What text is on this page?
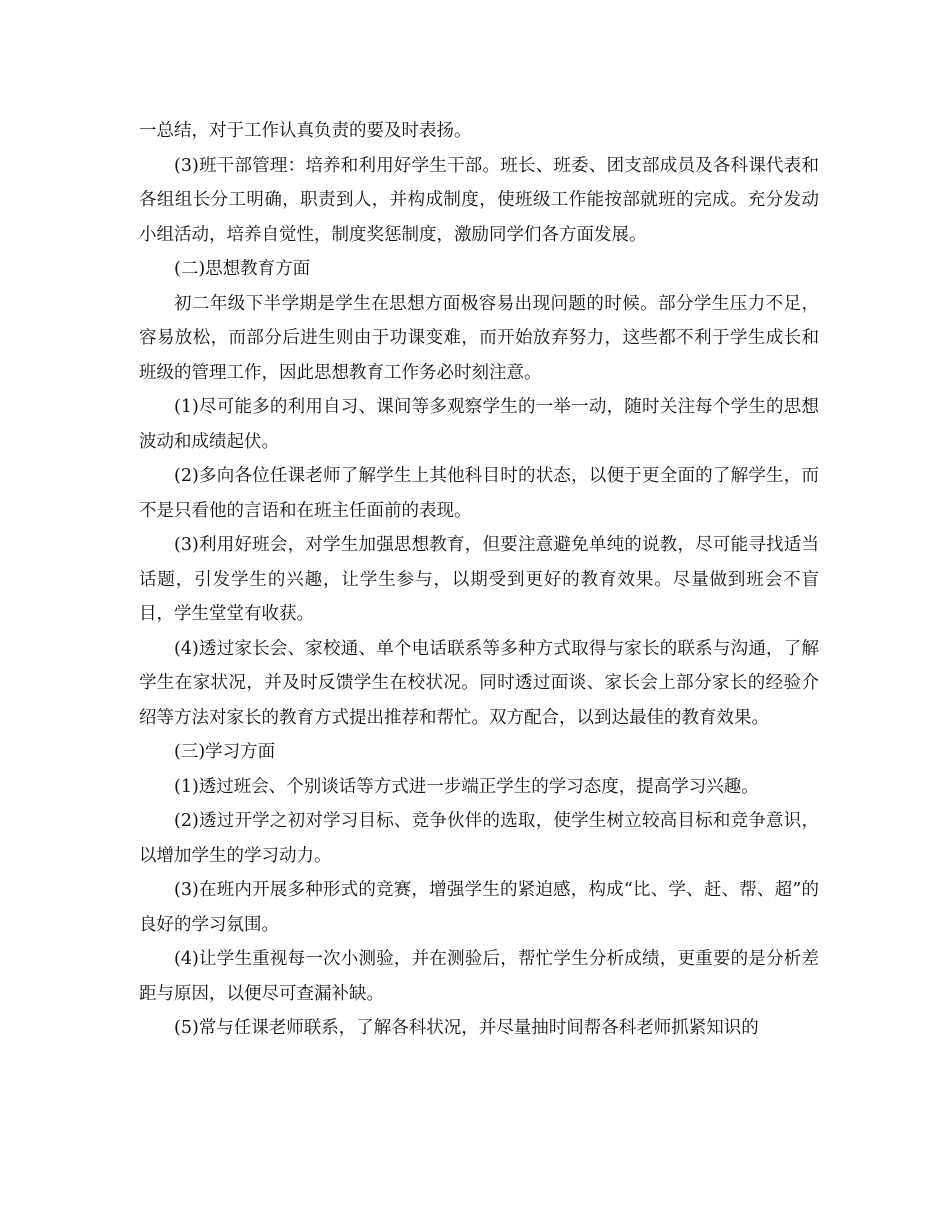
一总结，对于工作认真负责的要及时表扬。

(3)班干部管理：培养和利用好学生干部。班长、班委、团支部成员及各科课代表和各组组长分工明确，职责到人，并构成制度，使班级工作能按部就班的完成。充分发动小组活动，培养自觉性，制度奖惩制度，激励同学们各方面发展。

(二)思想教育方面

初二年级下半学期是学生在思想方面极容易出现问题的时候。部分学生压力不足，容易放松，而部分后进生则由于功课变难，而开始放弃努力，这些都不利于学生成长和班级的管理工作，因此思想教育工作务必时刻注意。

(1)尽可能多的利用自习、课间等多观察学生的一举一动，随时关注每个学生的思想波动和成绩起伏。

(2)多向各位任课老师了解学生上其他科目时的状态，以便于更全面的了解学生，而不是只看他的言语和在班主任面前的表现。

(3)利用好班会，对学生加强思想教育，但要注意避免单纯的说教，尽可能寻找适当话题，引发学生的兴趣，让学生参与，以期受到更好的教育效果。尽量做到班会不盲目，学生堂堂有收获。

(4)透过家长会、家校通、单个电话联系等多种方式取得与家长的联系与沟通，了解学生在家状况，并及时反馈学生在校状况。同时透过面谈、家长会上部分家长的经验介绍等方法对家长的教育方式提出推荐和帮忙。双方配合，以到达最佳的教育效果。

(三)学习方面

(1)透过班会、个别谈话等方式进一步端正学生的学习态度，提高学习兴趣。

(2)透过开学之初对学习目标、竞争伙伴的选取，使学生树立较高目标和竞争意识，以增加学生的学习动力。

(3)在班内开展多种形式的竞赛，增强学生的紧迫感，构成“比、学、赶、帮、超”的良好的学习氛围。

(4)让学生重视每一次小测验，并在测验后，帮忙学生分析成绩，更重要的是分析差距与原因，以便尽可查漏补缺。

(5)常与任课老师联系，了解各科状况，并尽量抽时间帮各科老师抓紧知识的
